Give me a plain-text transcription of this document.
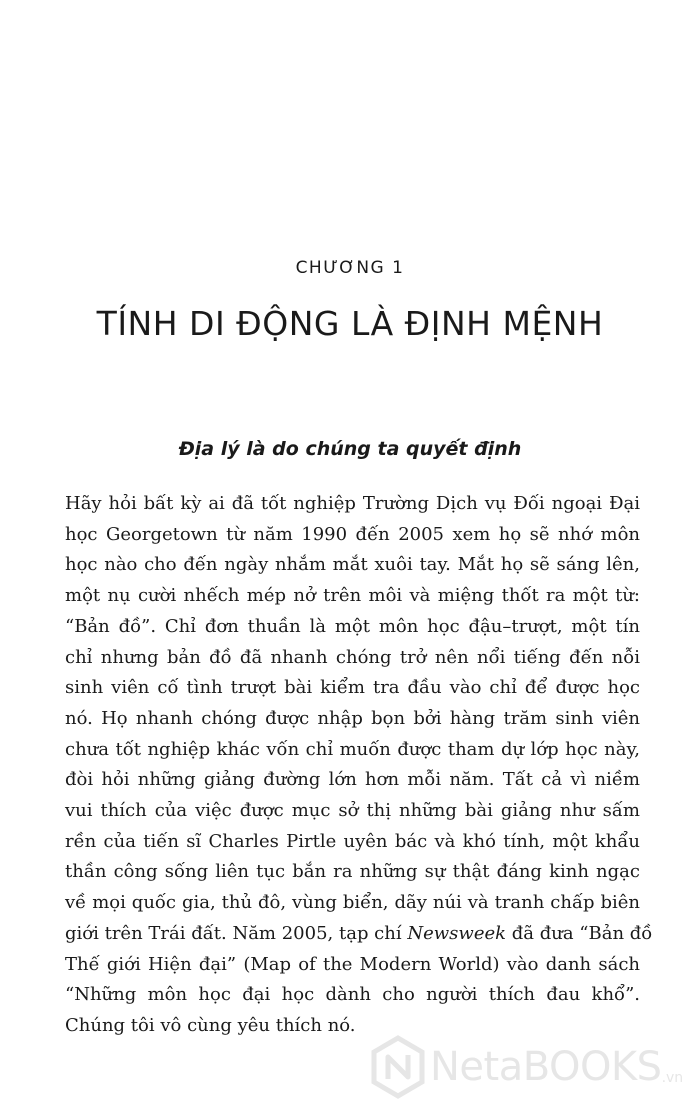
CHƯƠNG 1
TÍNH DI ĐỘNG LÀ ĐỊNH MỆNH
Địa lý là do chúng ta quyết định
Hãy hỏi bất kỳ ai đã tốt nghiệp Trường Dịch vụ Đối ngoại Đại
học Georgetown từ năm 1990 đến 2005 xem họ sẽ nhớ môn
học nào cho đến ngày nhắm mắt xuôi tay. Mắt họ sẽ sáng lên,
một nụ cười nhếch mép nở trên môi và miệng thốt ra một từ:
“Bản đồ”. Chỉ đơn thuần là một môn học đậu–trượt, một tín
chỉ nhưng bản đồ đã nhanh chóng trở nên nổi tiếng đến nỗi
sinh viên cố tình trượt bài kiểm tra đầu vào chỉ để được học
nó. Họ nhanh chóng được nhập bọn bởi hàng trăm sinh viên
chưa tốt nghiệp khác vốn chỉ muốn được tham dự lớp học này,
đòi hỏi những giảng đường lớn hơn mỗi năm. Tất cả vì niềm
vui thích của việc được mục sở thị những bài giảng như sấm
rền của tiến sĩ Charles Pirtle uyên bác và khó tính, một khẩu
thần công sống liên tục bắn ra những sự thật đáng kinh ngạc
về mọi quốc gia, thủ đô, vùng biển, dãy núi và tranh chấp biên
giới trên Trái đất. Năm 2005, tạp chí Newsweek đã đưa “Bản đồ
Thế giới Hiện đại” (Map of the Modern World) vào danh sách
“Những môn học đại học dành cho người thích đau khổ”.
Chúng tôi vô cùng yêu thích nó.
NetaBOOKS .vn
